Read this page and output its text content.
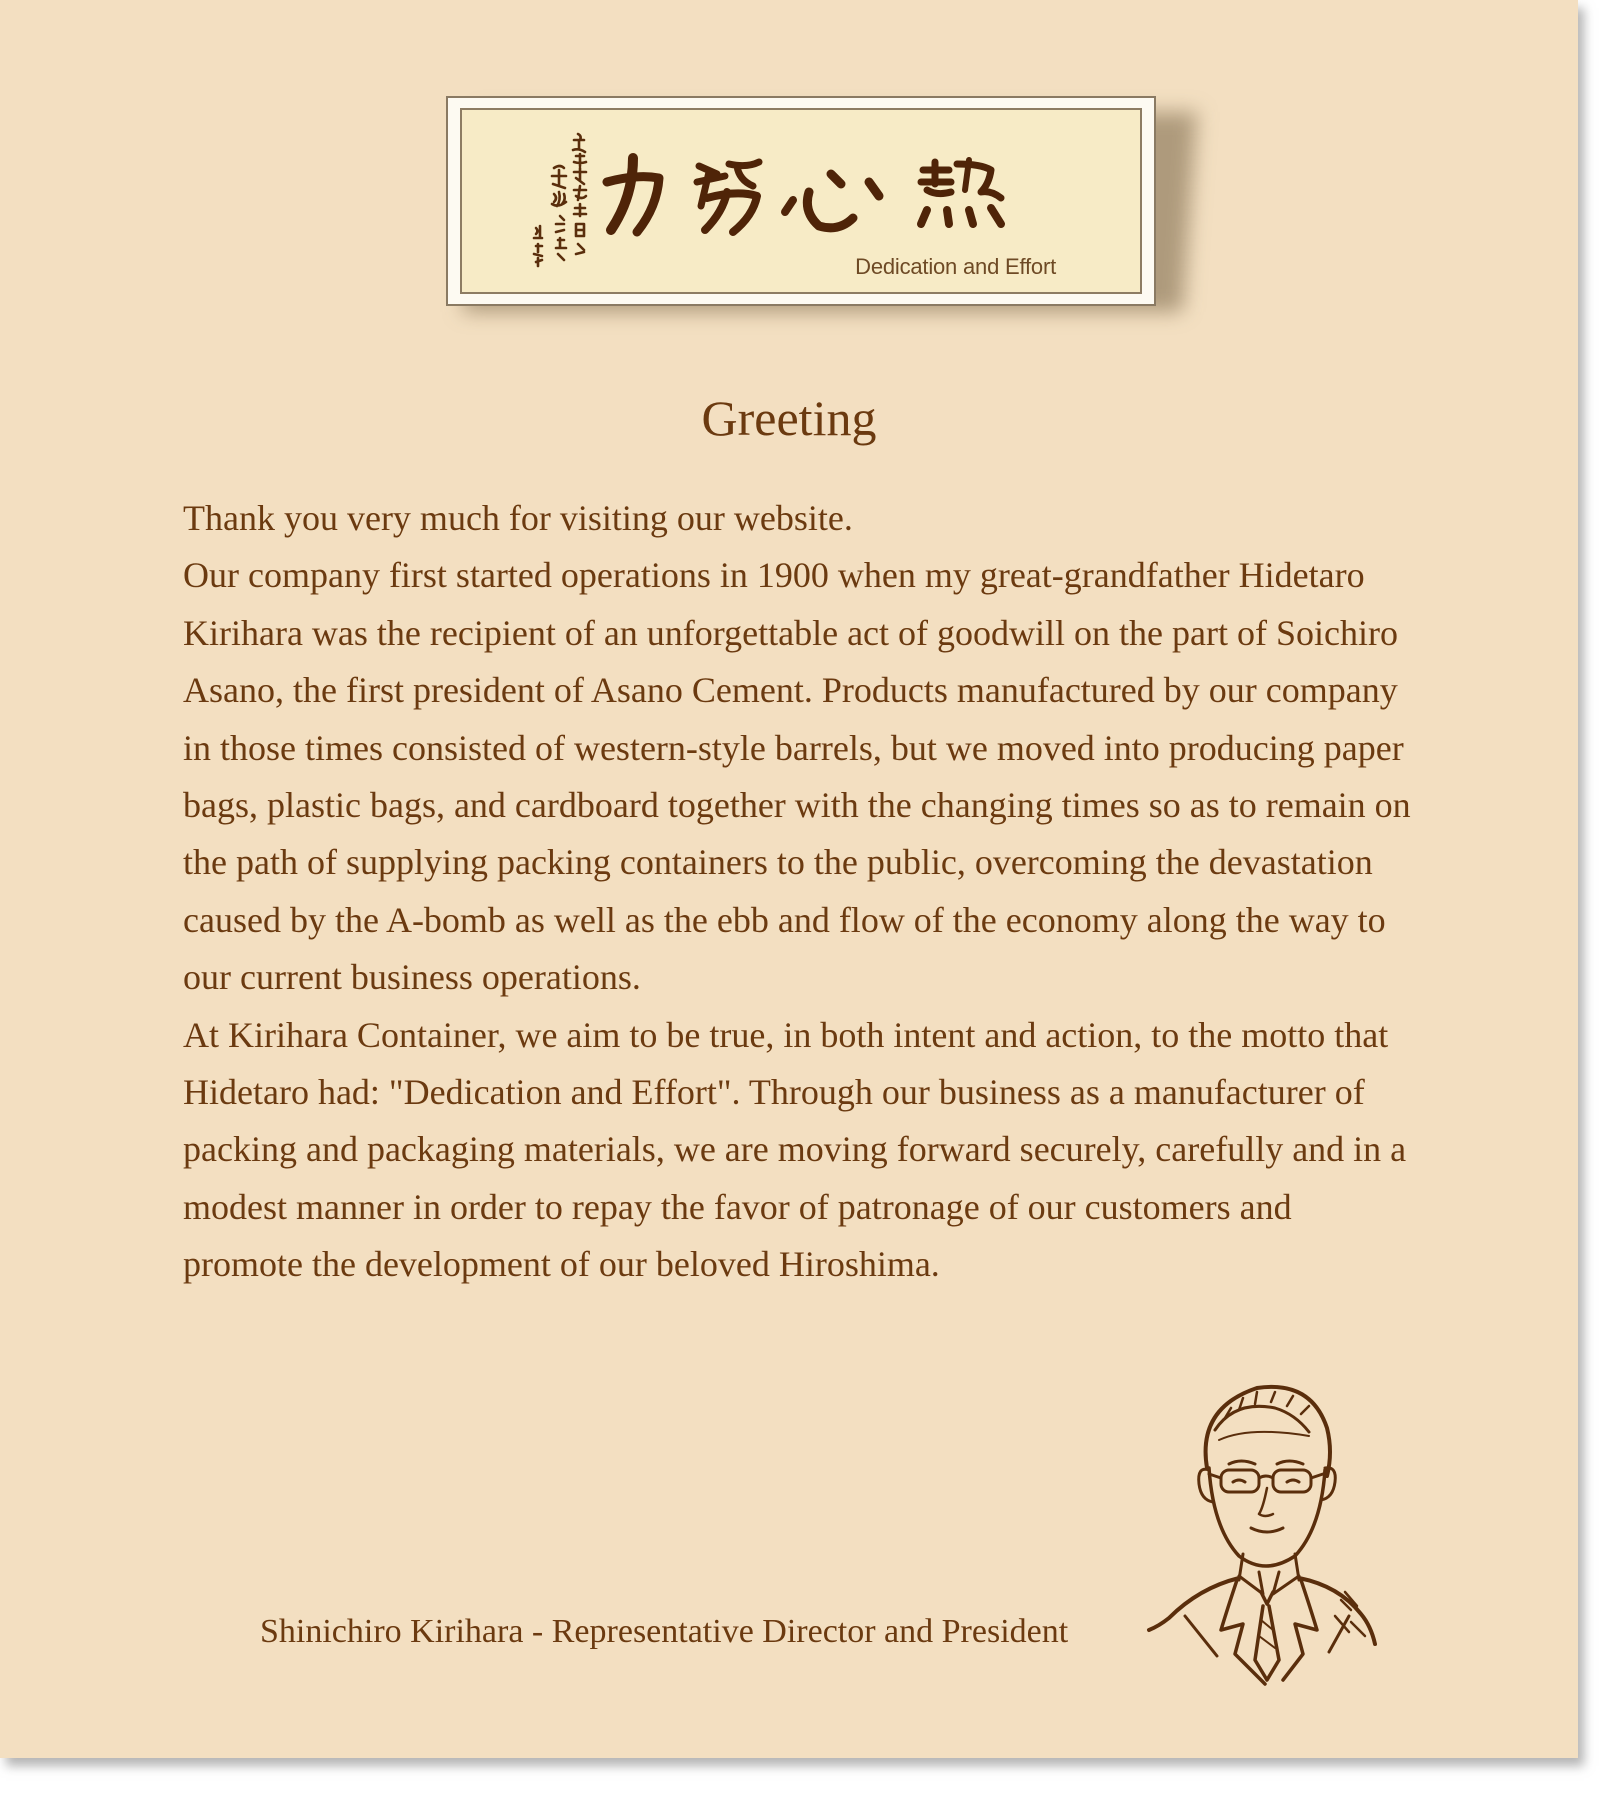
Dedication and Effort
Greeting

Thank you very much for visiting our website.

Our company first started operations in 1900 when my great-grandfather Hidetaro Kirihara was the recipient of an unforgettable act of goodwill on the part of Soichiro Asano, the first president of Asano Cement. Products manufactured by our company in those times consisted of western-style barrels, but we moved into producing paper bags, plastic bags, and cardboard together with the changing times so as to remain on the path of supplying packing containers to the public, overcoming the devastation caused by the A-bomb as well as the ebb and flow of the economy along the way to our current business operations.

At Kirihara Container, we aim to be true, in both intent and action, to the motto that Hidetaro had: "Dedication and Effort". Through our business as a manufacturer of packing and packaging materials, we are moving forward securely, carefully and in a modest manner in order to repay the favor of patronage of our customers and promote the development of our beloved Hiroshima.

Shinichiro Kirihara - Representative Director and President
